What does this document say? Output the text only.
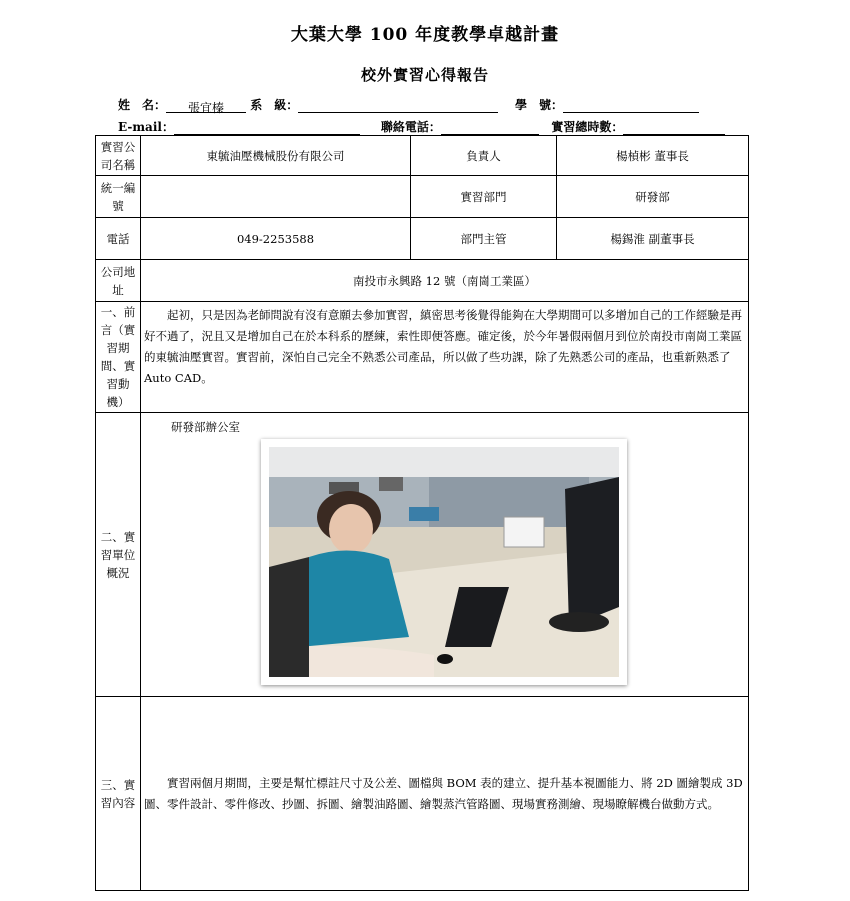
大葉大學 100 年度教學卓越計畫
校外實習心得報告
姓　名： 張宜榛 系　級：	學　號：
E-mail：	聯絡電話：	實習總時數：
實習公司名稱	東毓油壓機械股份有限公司	負責人	楊楨彬 董事長
統一編號		實習部門	研發部
電話	049-2253588	部門主管	楊錫淮 副董事長
公司地址	南投市永興路 12 號（南崗工業區）		
一、前言（實習期間、實習動機）	起初，只是因為老師問說有沒有意願去參加實習，縝密思考後覺得能夠在大學期間可以多增加自己的工作經驗是再好不過了，況且又是增加自己在於本科系的歷練，索性即便答應。確定後，於今年暑假兩個月到位於南投市南崗工業區的東毓油壓實習。實習前，深怕自己完全不熟悉公司產品，所以做了些功課，除了先熟悉公司的產品，也重新熟悉了 Auto CAD。		
二、實習單位概況	研發部辦公室		

三、實習內容	實習兩個月期間，主要是幫忙標註尺寸及公差、圖檔與 BOM 表的建立、提升基本視圖能力、將 2D 圖繪製成 3D 圖、零件設計、零件修改、抄圖、拆圖、繪製油路圖、繪製蒸汽管路圖、現場實務測繪、現場瞭解機台做動方式。		
